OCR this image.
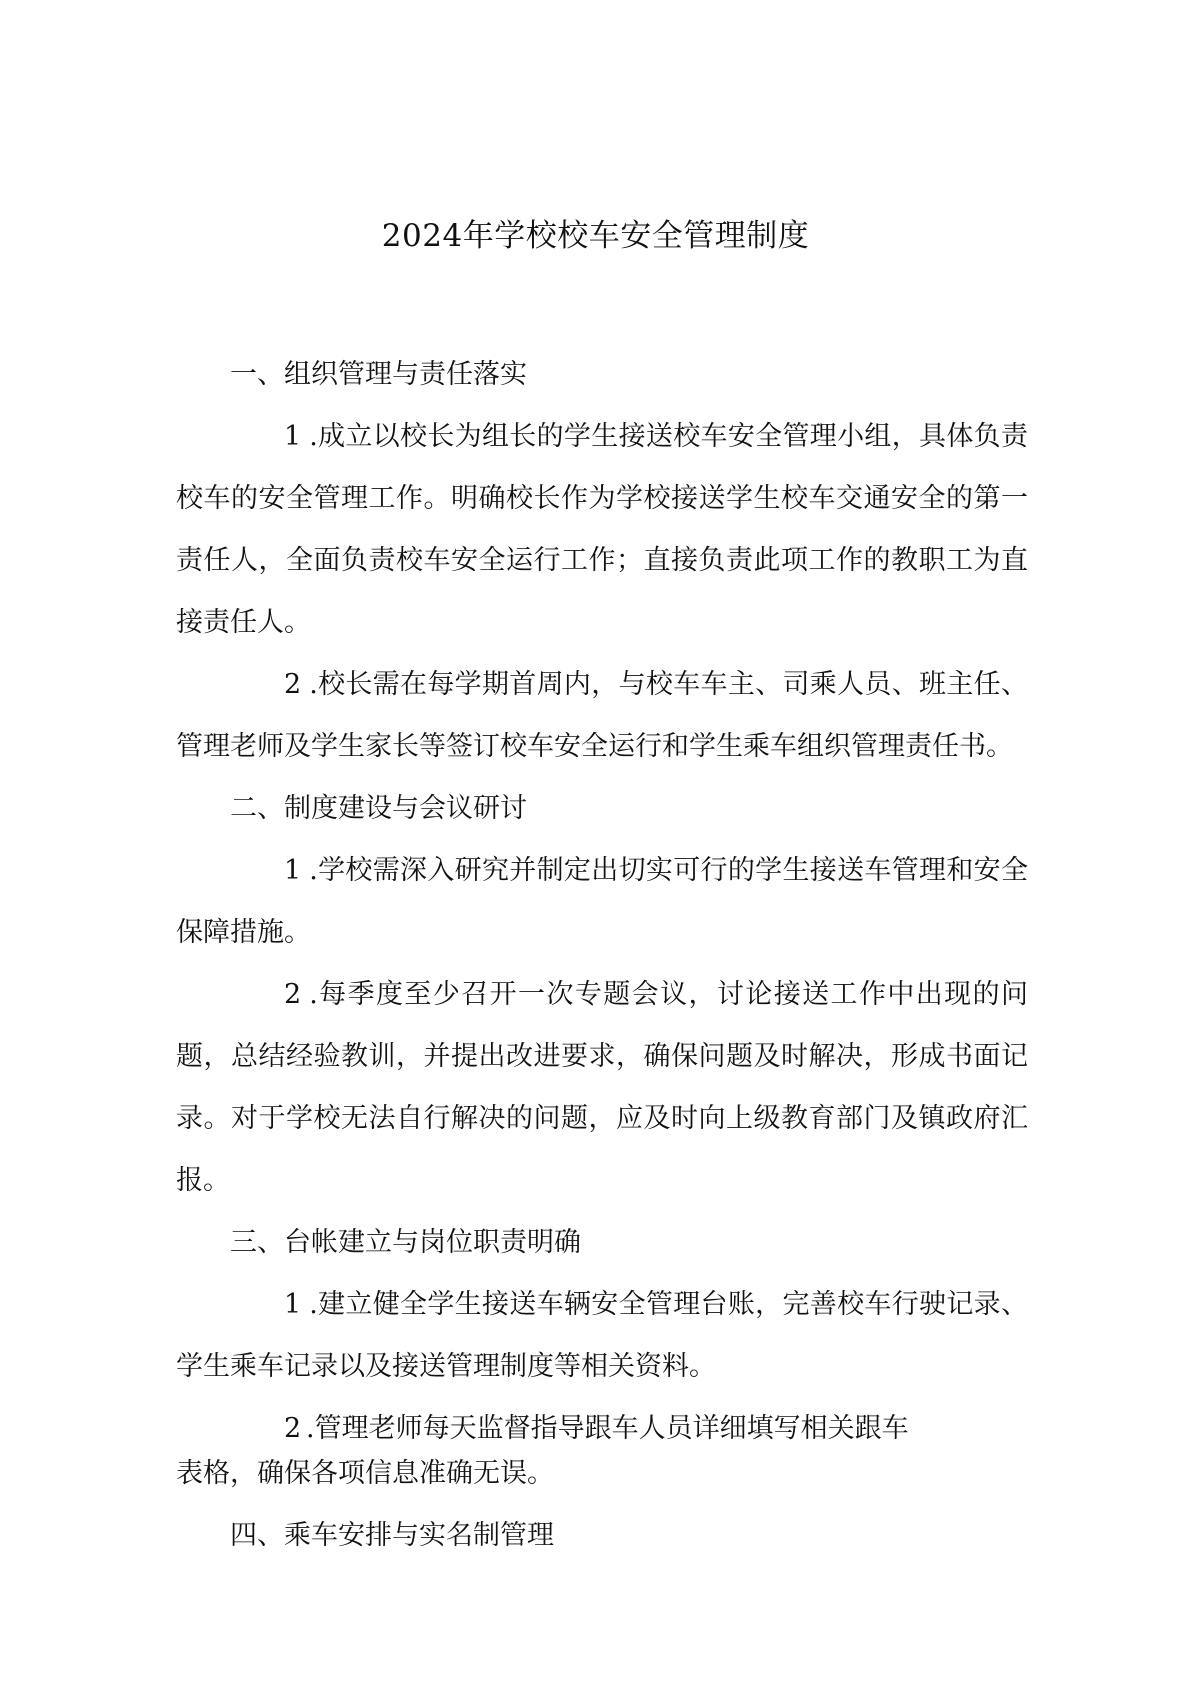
2024年学校校车安全管理制度

一、组织管理与责任落实

1 .成立以校长为组长的学生接送校车安全管理小组，具体负责校车的安全管理工作。明确校长作为学校接送学生校车交通安全的第一责任人，全面负责校车安全运行工作；直接负责此项工作的教职工为直接责任人。

2 .校长需在每学期首周内，与校车车主、司乘人员、班主任、管理老师及学生家长等签订校车安全运行和学生乘车组织管理责任书。

二、制度建设与会议研讨

1 .学校需深入研究并制定出切实可行的学生接送车管理和安全保障措施。

2 .每季度至少召开一次专题会议，讨论接送工作中出现的问题，总结经验教训，并提出改进要求，确保问题及时解决，形成书面记录。对于学校无法自行解决的问题，应及时向上级教育部门及镇政府汇报。

三、台帐建立与岗位职责明确

1 .建立健全学生接送车辆安全管理台账，完善校车行驶记录、学生乘车记录以及接送管理制度等相关资料。

2 .管理老师每天监督指导跟车人员详细填写相关跟车
表格，确保各项信息准确无误。

四、乘车安排与实名制管理
